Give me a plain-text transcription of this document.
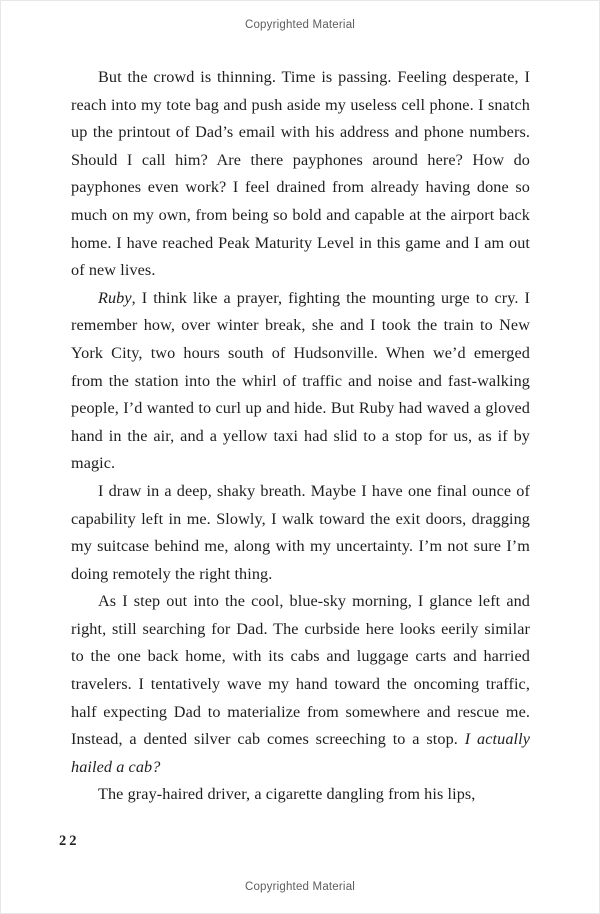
Copyrighted Material

But the crowd is thinning. Time is passing. Feeling desperate, I reach into my tote bag and push aside my useless cell phone. I snatch up the printout of Dad’s email with his address and phone numbers. Should I call him? Are there payphones around here? How do payphones even work? I feel drained from already having done so much on my own, from being so bold and capable at the airport back home. I have reached Peak Maturity Level in this game and I am out of new lives.

Ruby, I think like a prayer, fighting the mounting urge to cry. I remember how, over winter break, she and I took the train to New York City, two hours south of Hudsonville. When we’d emerged from the station into the whirl of traffic and noise and fast-walking people, I’d wanted to curl up and hide. But Ruby had waved a gloved hand in the air, and a yellow taxi had slid to a stop for us, as if by magic.

I draw in a deep, shaky breath. Maybe I have one final ounce of capability left in me. Slowly, I walk toward the exit doors, dragging my suitcase behind me, along with my uncertainty. I’m not sure I’m doing remotely the right thing.

As I step out into the cool, blue-sky morning, I glance left and right, still searching for Dad. The curbside here looks eerily similar to the one back home, with its cabs and luggage carts and harried travelers. I tentatively wave my hand toward the oncoming traffic, half expecting Dad to materialize from somewhere and rescue me. Instead, a dented silver cab comes screeching to a stop. I actually hailed a cab?

The gray-haired driver, a cigarette dangling from his lips,

22
Copyrighted Material
